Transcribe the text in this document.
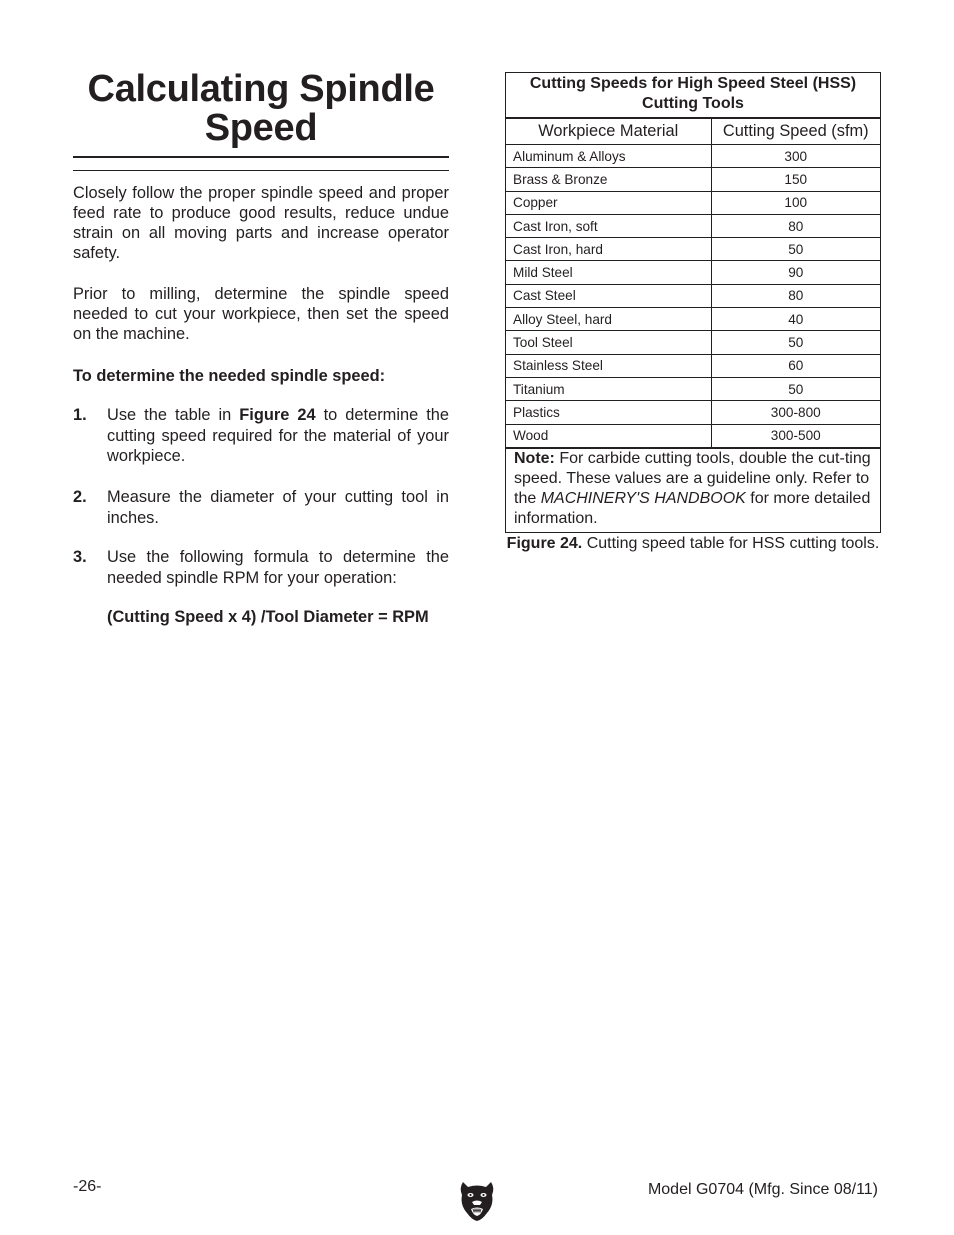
Calculating Spindle
Speed

Closely follow the proper spindle speed and proper feed rate to produce good results, reduce undue strain on all moving parts and increase operator safety.

Prior to milling, determine the spindle speed needed to cut your workpiece, then set the speed on the machine.

To determine the needed spindle speed:

1. Use the table in Figure 24 to determine the cutting speed required for the material of your workpiece.

2. Measure the diameter of your cutting tool in inches.

3. Use the following formula to determine the needed spindle RPM for your operation:

(Cutting Speed x 4) /Tool Diameter = RPM
Cutting Speeds for High Speed Steel (HSS)
Cutting Tools
Workpiece Material	Cutting Speed (sfm)
Aluminum & Alloys	300
Brass & Bronze	150
Copper	100
Cast Iron, soft	80
Cast Iron, hard	50
Mild Steel	90
Cast Steel	80
Alloy Steel, hard	40
Tool Steel	50
Stainless Steel	60
Titanium	50
Plastics	300-800
Wood	300-500

Note: For carbide cutting tools, double the cut-ting speed. These values are a guideline only. Refer to the MACHINERY'S HANDBOOK for more detailed information.

Figure 24. Cutting speed table for HSS cutting tools.

-26-	Model G0704 (Mfg. Since 08/11)
